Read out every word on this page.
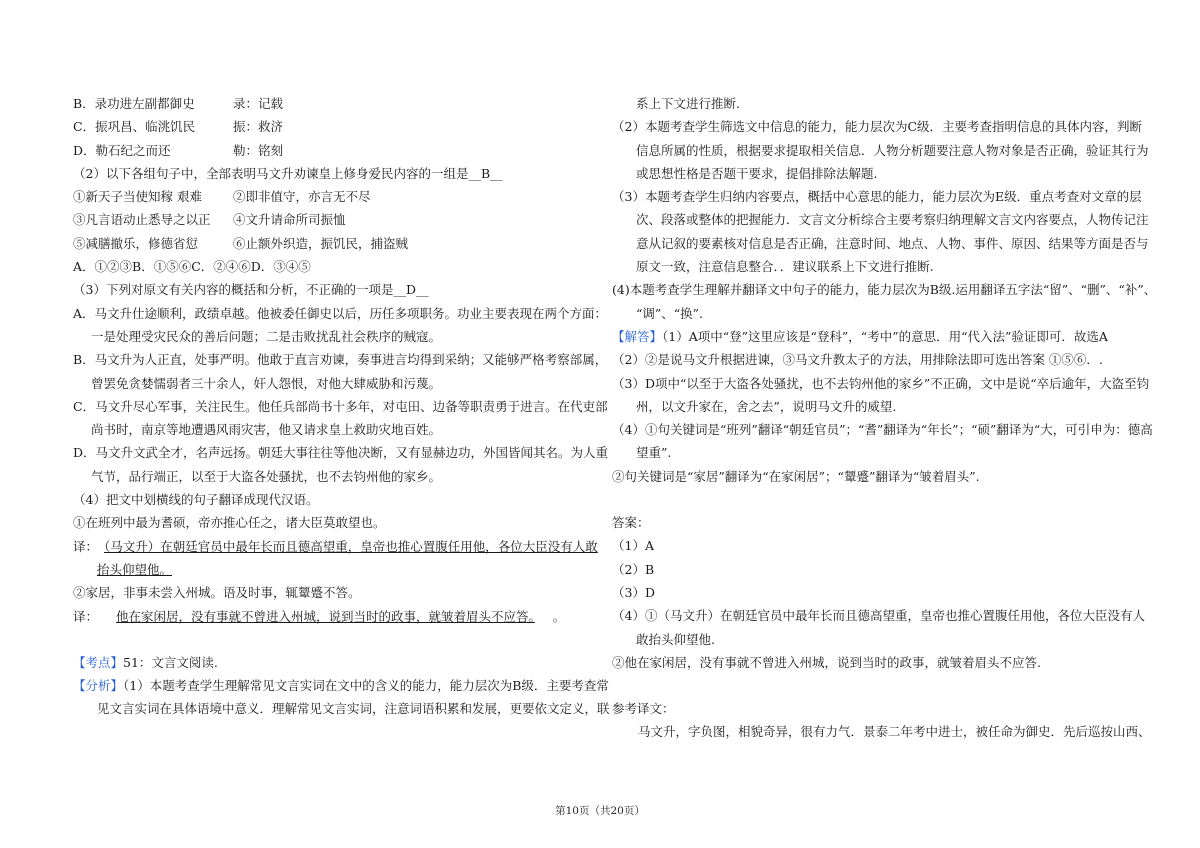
B．录功进左副都御史	录：记载
C．振巩昌、临洮饥民	振：救济
D．勒石纪之而还	勒：铭刻
（2）以下各组句子中，全部表明马文升劝谏皇上修身爱民内容的一组是__B__
①新天子当使知稼 艰难 ②即非值守，亦言无不尽
③凡言语动止悉导之以正 ④文升请命所司振恤
⑤减膳撤乐，修德省愆	⑥止额外织造，振饥民，捕盗贼
A．①②③B．①⑤⑥C．②④⑥D．③④⑤
（3）下列对原文有关内容的概括和分析，不正确的一项是__D__
A．马文升仕途顺利，政绩卓越。他被委任御史以后，历任多项职务。功业主要表现在两个方面：
一是处理受灾民众的善后问题；二是击败扰乱社会秩序的贼寇。
B．马文升为人正直，处事严明。他敢于直言劝谏，奏事进言均得到采纳；又能够严格考察部属，
曾罢免贪婪懦弱者三十余人，奸人怨恨，对他大肆威胁和污蔑。
C．马文升尽心军事，关注民生。他任兵部尚书十多年，对屯田、边备等职责勇于进言。在代吏部
尚书时，南京等地遭遇风雨灾害，他又请求皇上救助灾地百姓。
D．马文升文武全才，名声远扬。朝廷大事往往等他决断，又有显赫边功，外国皆闻其名。为人重
气节，品行端正，以至于大盗各处骚扰，也不去钧州他的家乡。
（4）把文中划横线的句子翻译成现代汉语。
①在班列中最为耆硕，帝亦推心任之，诸大臣莫敢望也。
译： （马文升）在朝廷官员中最年长而且德高望重，皇帝也推心置腹任用他，各位大臣没有人敢
抬头仰望他。
②家居，非事未尝入州城。语及时事，辄颦蹙不答。
译： 他在家闲居，没有事就不曾进入州城，说到当时的政事，就皱着眉头不应答。 。
【考点】51：文言文阅读.
【分析】（1）本题考查学生理解常见文言实词在文中的含义的能力，能力层次为B级．主要考查常
见文言实词在具体语境中意义．理解常见文言实词，注意词语积累和发展，更要依文定义，联
系上下文进行推断.
（2）本题考查学生筛选文中信息的能力，能力层次为C级．主要考查指明信息的具体内容，判断
信息所属的性质，根据要求提取相关信息．人物分析题要注意人物对象是否正确，验证其行为
或思想性格是否题干要求，提倡排除法解题.
（3）本题考查学生归纳内容要点，概括中心意思的能力，能力层次为E级．重点考查对文章的层
次、段落或整体的把握能力．文言文分析综合主要考察归纳理解文言文内容要点，人物传记注
意从记叙的要素核对信息是否正确，注意时间、地点、人物、事件、原因、结果等方面是否与
原文一致，注意信息整合．．建议联系上下文进行推断.
(4)本题考查学生理解并翻译文中句子的能力，能力层次为B级.运用翻译五字法“留”、“删”、“补”、
“调”、“换”.
【解答】（1）A项中“登”这里应该是“登科”，“考中”的意思．用“代入法”验证即可．故选A
（2）②是说马文升根据进谏，③马文升教太子的方法，用排除法即可选出答案 ①⑤⑥．.
（3）D项中“以至于大盗各处骚扰，也不去钧州他的家乡”不正确，文中是说“卒后逾年，大盗至钧
州，以文升家在，舍之去”，说明马文升的威望.
（4）①句关键词是“班列”翻译“朝廷官员”；“耆”翻译为“年长”；“硕”翻译为“大，可引申为：德高
望重”.
②句关键词是“家居”翻译为“在家闲居”；“颦蹙”翻译为“皱着眉头”.
答案：
（1）A
（2）B
（3）D
（4）①（马文升）在朝廷官员中最年长而且德高望重，皇帝也推心置腹任用他，各位大臣没有人
敢抬头仰望他.
②他在家闲居，没有事就不曾进入州城，说到当时的政事，就皱着眉头不应答.
参考译文：
马文升，字负图，相貌奇异，很有力气．景泰二年考中进士，被任命为御史．先后巡按山西、
第10页（共20页）
